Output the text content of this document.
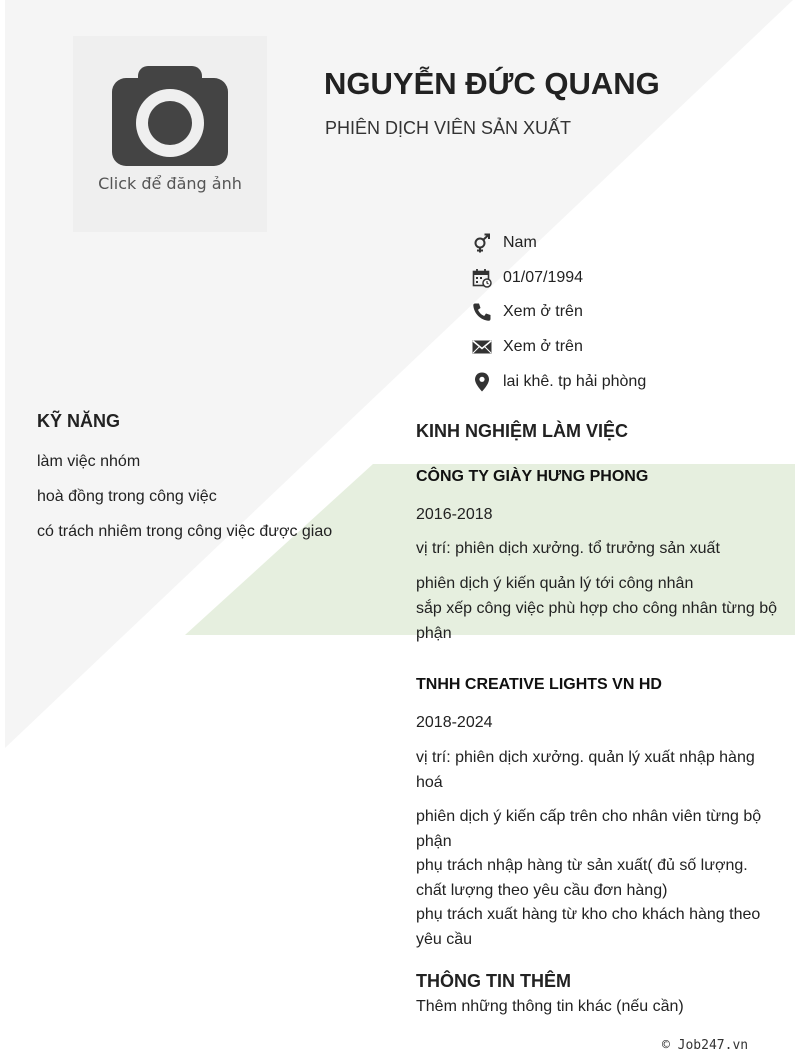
Click để đăng ảnh
NGUYỄN ĐỨC QUANG
PHIÊN DỊCH VIÊN SẢN XUẤT
Nam
01/07/1994
Xem ở trên
Xem ở trên
lai khê. tp hải phòng
KỸ NĂNG
làm việc nhóm
hoà đồng trong công việc
có trách nhiêm trong công việc được giao
KINH NGHIỆM LÀM VIỆC
CÔNG TY GIÀY HƯNG PHONG
2016-2018
vị trí: phiên dịch xưởng. tổ trưởng sản xuất
phiên dịch ý kiến quản lý tới công nhân
sắp xếp công việc phù hợp cho công nhân từng bộ phận
TNHH CREATIVE LIGHTS VN HD
2018-2024
vị trí: phiên dịch xưởng. quản lý xuất nhập hàng hoá
phiên dịch ý kiến cấp trên cho nhân viên từng bộ phận
phụ trách nhập hàng từ sản xuất( đủ số lượng. chất lượng theo yêu cầu đơn hàng)
phụ trách xuất hàng từ kho cho khách hàng theo yêu cầu
THÔNG TIN THÊM
Thêm những thông tin khác (nếu cần)
© Job247.vn
